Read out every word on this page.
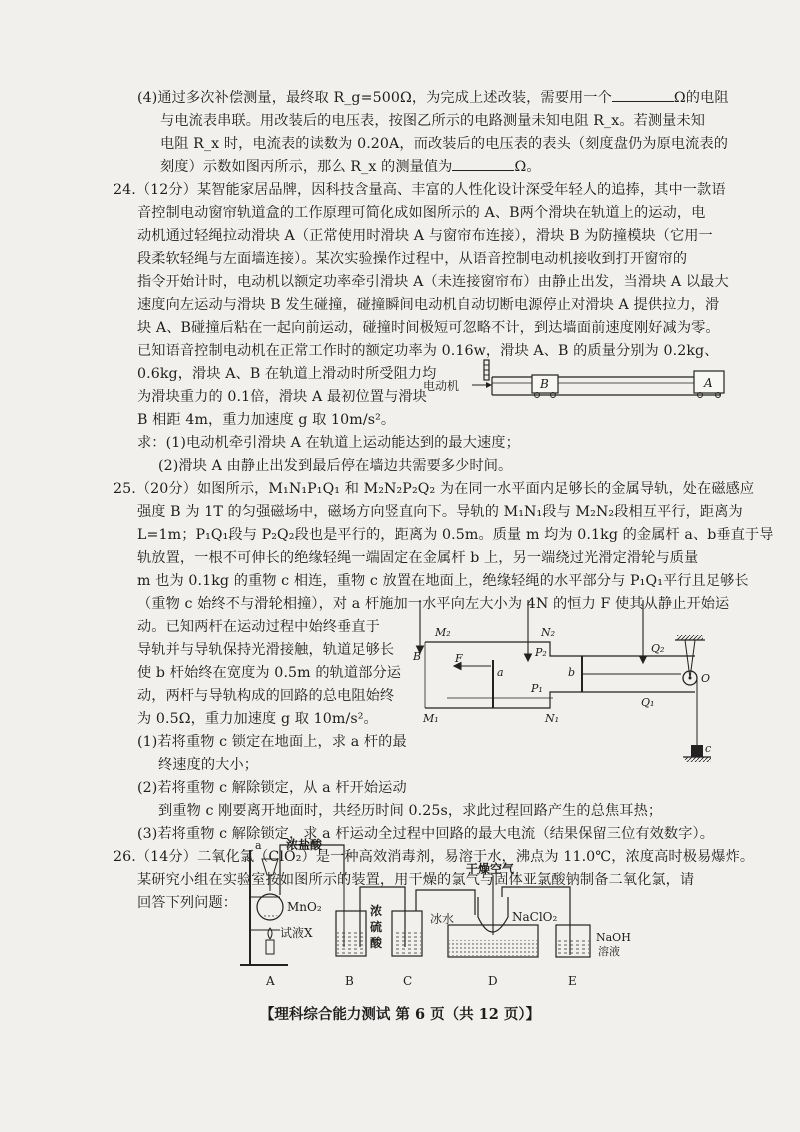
(4)通过多次补偿测量，最终取 R_g=500Ω，为完成上述改装，需要用一个	Ω的电阻
与电流表串联。用改装后的电压表，按图乙所示的电路测量未知电阻 R_x。若测量未知
电阻 R_x 时，电流表的读数为 0.20A，而改装后的电压表的表头（刻度盘仍为原电流表的
刻度）示数如图丙所示，那么 R_x 的测量值为	Ω。
24.（12分）某智能家居品牌，因科技含量高、丰富的人性化设计深受年轻人的追捧，其中一款语
音控制电动窗帘轨道盒的工作原理可简化成如图所示的 A、B两个滑块在轨道上的运动，电
动机通过轻绳拉动滑块 A（正常使用时滑块 A 与窗帘布连接），滑块 B 为防撞模块（它用一
段柔软轻绳与左面墙连接）。某次实验操作过程中，从语音控制电动机接收到打开窗帘的
指令开始计时，电动机以额定功率牵引滑块 A（未连接窗帘布）由静止出发，当滑块 A 以最大
速度向左运动与滑块 B 发生碰撞，碰撞瞬间电动机自动切断电源停止对滑块 A 提供拉力，滑
块 A、B碰撞后粘在一起向前运动，碰撞时间极短可忽略不计，到达墙面前速度刚好减为零。
已知语音控制电动机在正常工作时的额定功率为 0.16w，滑块 A、B 的质量分别为 0.2kg、
0.6kg，滑块 A、B 在轨道上滑动时所受阻力均
为滑块重力的 0.1倍，滑块 A 最初位置与滑块
B 相距 4m，重力加速度 g 取 10m/s²。
求：(1)电动机牵引滑块 A 在轨道上运动能达到的最大速度；
(2)滑块 A 由静止出发到最后停在墙边共需要多少时间。
电动机	B	A
25.（20分）如图所示，M₁N₁P₁Q₁ 和 M₂N₂P₂Q₂ 为在同一水平面内足够长的金属导轨，处在磁感应
强度 B 为 1T 的匀强磁场中，磁场方向竖直向下。导轨的 M₁N₁段与 M₂N₂段相互平行，距离为
L=1m；P₁Q₁段与 P₂Q₂段也是平行的，距离为 0.5m。质量 m 均为 0.1kg 的金属杆 a、b垂直于导
轨放置，一根不可伸长的绝缘轻绳一端固定在金属杆 b 上，另一端绕过光滑定滑轮与质量
m 也为 0.1kg 的重物 c 相连，重物 c 放置在地面上，绝缘轻绳的水平部分与 P₁Q₁平行且足够长
（重物 c 始终不与滑轮相撞），对 a 杆施加一水平向左大小为 4N 的恒力 F 使其从静止开始运
动。已知两杆在运动过程中始终垂直于
导轨并与导轨保持光滑接触，轨道足够长
使 b 杆始终在宽度为 0.5m 的轨道部分运
动，两杆与导轨构成的回路的总电阻始终
为 0.5Ω，重力加速度 g 取 10m/s²。
(1)若将重物 c 锁定在地面上，求 a 杆的最
终速度的大小；
(2)若将重物 c 解除锁定，从 a 杆开始运动
到重物 c 刚要离开地面时，共经历时间 0.25s，求此过程回路产生的总焦耳热；
(3)若将重物 c 解除锁定，求 a 杆运动全过程中回路的最大电流（结果保留三位有效数字）。
M₂	N₂
P₂	Q₂
P₁
Q₁
M₁	N₁
B	F
a	b	O
c
26.（14分）二氧化氯（ClO₂）是一种高效消毒剂，易溶于水，沸点为 11.0℃，浓度高时极易爆炸。
某研究小组在实验室按如图所示的装置，用干燥的氯气与固体亚氯酸钠制备二氧化氯，请
回答下列问题：
a 浓盐酸
MnO₂
试液X
浓
硫
酸
干燥空气
冰水	NaClO₂
NaOH
溶液
A	B	C	D	E
【理科综合能力测试 第 6 页（共 12 页）】
